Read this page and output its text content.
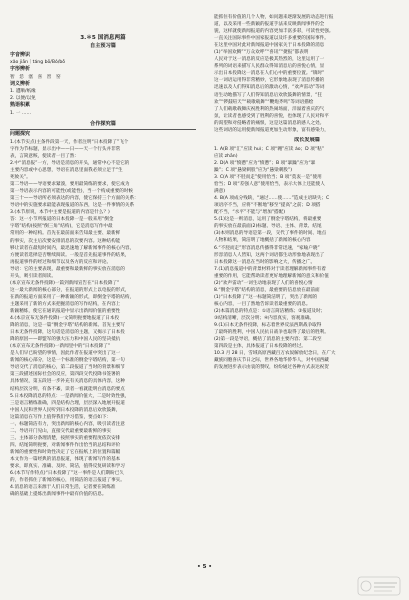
3.＊5 国消息两篇
自主预习篇
字音辨识
xǎo jiān｜táng bō/Bó/bǒ
字形辨析
智　恁　塞　喜　窖　窑
词义辨析
1. 遭顺/纸缘
2. 以便/以免
熟语积累
1. 一 ……
合作探究篇
问题探究
1.(本节实点)主条件段第一天，作者注明“日本投降了”飞个
字作为节标题，显示出中——日——天一个行头并非常
表，言简意赅，使读者一目了然：
2.中“消息报”一方，导语是消息的开头，通常中心不是它的
主要内容或中心思想，导语在消息里面我必须立足于“生
死攸关”。
第二导语——导语要求紧凑，要用最简练的要求，使它成为
第一导语表示内容的可能性(或能性)，当一个构成重要的时候
第三十——导语所必须表达的内容，使它保持三个方面的关系：
导语中的实施要求最能表现报道的东西，这是一件事情的关系
3.(本节原说，本节中主要是报道的内容是什么？)
答：这一小节所报道的日本投降一是一般来用“倒金
字塔”结构(按照“倒三角”结构)，它是消息写作中最
常用的一种结构。首先在最前面来告知最主要、最新鲜
的事实，次主后次要安排消息的次要内容。这种结构能
够让读者在最短时间内，最迅速地了解新闻事件的核心内容，
方便读者选择是否继续阅读。一般是首先报道事件的结果，
再报道事件的经过和细节以及各方的反应和评论。
导语：它的主要表现，最重要和最新鲜的事实放在消息的
开头，吸引读者阅读。
(本京宣布无条件投降)一篇到新闻宣告在“日本投降了”
这一最大新闻的核心部分，在报道的形式上以电报的形式，
在新的报道方面采用了一种新颖的形式，即倒金字塔的结构，
主题采用了新的方式来把握消息的写作结构，在内容上
新颖精炼，使它在通讯报道中显示出新闻价值的重要性
4.(本京宣布无条件投降)一文简明扼要地报道了日本投
降的消息，这是一篇“倒金字塔”结构的新闻。首先主要写
日本无条件投降，这句话是消息的主题，又揭示了日本投
降的原因——即盟军的强大压力和中国人民的坚决抵抗
(本京宣布无条件投降)一新闻里中的“日本投降了”
是人们早已盼望的事情，因此作者在报道中突出了这一
新闻的核心部分，这是一个标准的倒金字塔结构，第一句
导语交代了消息的核心，第二段报道了当时的背景和细节
第三段描述国际社会的反应，第四段交代投降书签署的
具体情况，第五段进一步补充有关消息的具体内容，这种
结构层次分明，有条不紊，读者一看就能明白消息的要点
5.日本投降消息的特点：一是新闻价值大，二是时效性强，
三是语言精练准确，四是结构合理，层层深入地展开报道
中国人民和世界人民听到日本投降的消息后欢欣鼓舞，
这篇消息在写作上值得我们学习借鉴，要点如下：
一、标题简洁有力，突出新闻的核心内容，吸引读者注意
二、导语开门见山，直接交代最重要最新鲜的事实
三、主体部分条理清楚，按照事实的重要程度依次安排
四、结尾简明扼要，对新闻事件作出恰当的总结和评价
新闻的重要性和时效性决定了它在报纸上的位置和篇幅
本文作为一篇经典的消息报道，体现了新闻写作的基本
要求，即真实、准确、及时、简洁，值得反复研读和学习
6.(本节写作特点)“日本投降了”这一事件是人们期盼已久
的，作者抓住了新闻的核心，用简洁的语言报道了事实。
4.消息的语言来源于人们日常生活，记者要在简练准
确的基础上提炼出新闻事件中最有价值的信息。
能抓住有价值的几个人物，如问题来逐渐发展的动态进行报
道，以及采用一些新颖的报道手法来反映新闻事件的全
貌，这样就使新闻报道的内容更加丰富多彩，可读性更强。
一直关注国际事件中国家报道以及许多重要的国际事件。
在这里中国对此对新闻报道中国家关于日本投降的消息
(1)“举国欢腾”“万众欢呼”“喜讯”“捷报”都表明
人民对于这一消息的反应是极其热烈的，这里运用了一
系列的词语来描写人民群众得知消息后的喜悦心情，显
示出日本投降这一消息在人们心中的重要位置。“镇时”
这一词语运用得非常精妙，它形象地表现了消息传播的
迅速以及人们得知消息后的激动心情，“欢声雷动”等词
语生动地描写了人们得知消息后欢欣鼓舞的情景，“狂
欢”“锣鼓喧天”“载歌载舞”“鞭炮齐鸣”等词语描绘
了人们载歌载舞庆祝胜利的热闹场面，洋溢着喜庆的气
氛，让读者也感受到了胜利的喜悦，也体现了人民对和平
的渴望和对侵略者的痛恨，这是这篇消息的感人之处。
这些词语的运用使新闻报道更加生动形象，富有感染力，
成长发展篇
1. A(B 项“汇”应读 huì；C 项“翱”应读 áo；D 项“粘”
应读 zhān)
2. D(A 项“愤懑”应为“愤懑”；B 项“暴躁”应为“暴
躁”；C 项“悬梁刺股”应为“悬梁刺股”)
3. C(A 项“不胫而走”使用恰当；B 项“莫衷一是”使用
恰当；D 项“差强人意”使用恰当，表示大体上还能使人
满意)
4. B(A 项成分残缺，“通过……使……”造成主语缺失；C
项语序不当，应将“不断地”移至“提高”之前；D 项搭
配不当，“水平”不能与“增加”搭配)
5.(1)这是一则消息，运用了倒金字塔结构，将最重要
的事实放在最前面(2)标题、导语、主体、背景、结尾
(3)本则消息的导语是第一段，交代了事件的时间、地点
人物和结果，简洁明了地概括了新闻的核心内容
6.“不胫而走”形容消息传播得非常迅速，“家喻户晓”
形容消息人人皆知，这两个词语都生动形象地表现出了
日本投降这一消息在当时的影响之大，传播之广。
7.(1)消息报道中的背景材料对于读者理解新闻事件有着
重要的作用，它能帮助读者更好地理解新闻的意义和价值
(2)“欢声雷动”一词生动地表现了人们的喜悦心情
8.“倒金字塔”结构的消息，最重要的信息放在最前面
(1)“日本投降了”这一标题简洁明了，突出了新闻的
核心内容，一目了然地告诉读者最重要的消息。
(2)本篇消息的特点是：①语言简洁精炼；②报道及时；
③结构清晰，层次分明；④内容真实，客观准确。
9.(1)日本无条件投降，标志着世界反法西斯战争取得
了最终的胜利，中国人民抗日战争也取得了最后的胜利。
(2)第一段是导语，概括了消息的主要内容；第二段至
第四段是主体，具体报道了日本投降的经过。
10.3 月 28 日，雪域高原西藏百万农奴解放纪念日，在广大
藏族同胞喜庆节日之际，世界各地华侨华人，对中国西藏
的发展进步表示由衷的赞叹，纷纷通过各种方式表达祝贺
• 5 •
